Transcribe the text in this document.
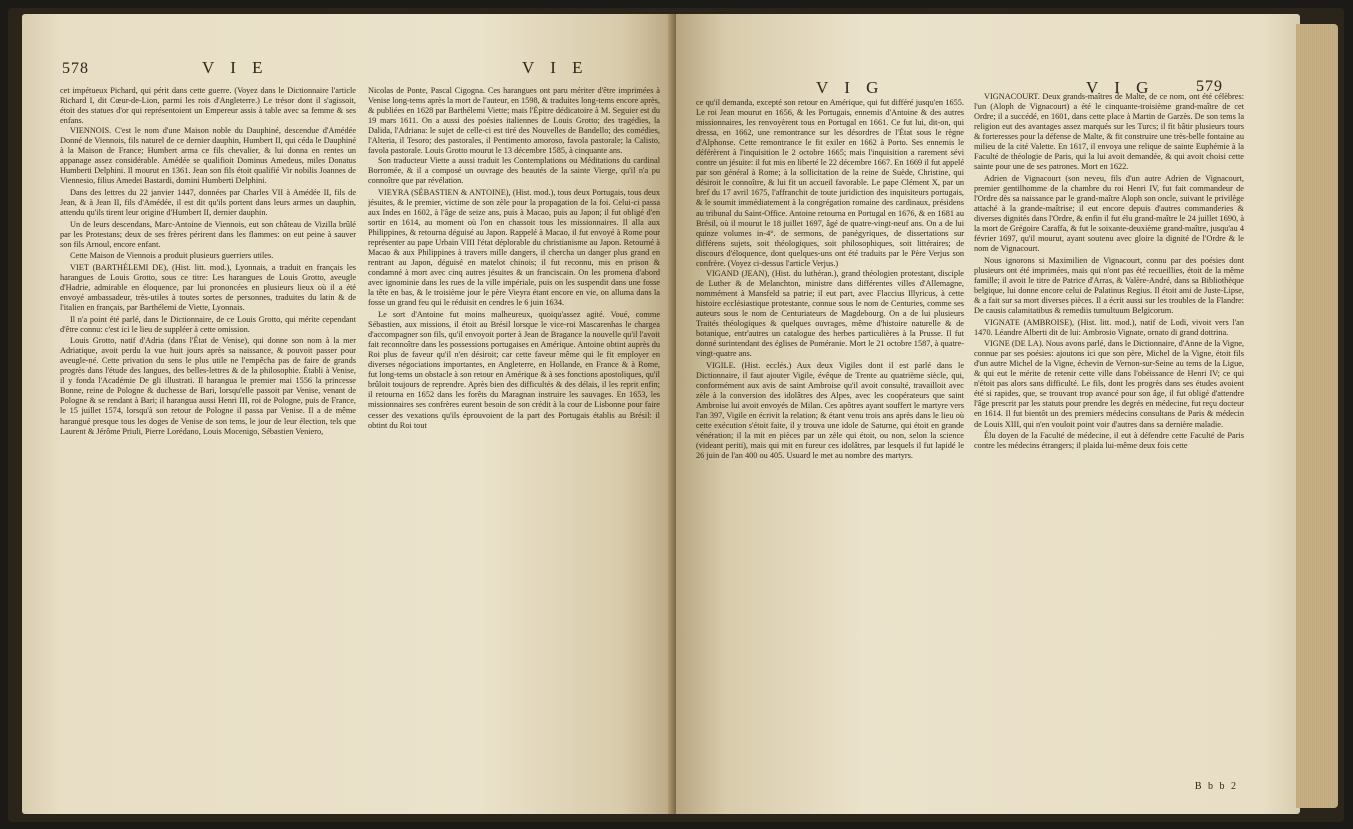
578	V I E	V I E

cet impétueux Pichard, qui périt dans cette guerre. (Voyez dans le Dictionnaire l'article Richard I, dit Cœur-de-Lion, parmi les rois d'Angleterre.) Le trésor dont il s'agissoit, étoit des statues d'or qui représentoient un Empereur assis à table avec sa femme & ses enfans.

VIENNOIS. C'est le nom d'une Maison noble du Dauphiné, descendue d'Amédée Donné de Viennois, fils naturel de ce dernier dauphin, Humbert II, qui céda le Dauphiné à la Maison de France; Humbert arma ce fils chevalier, & lui donna en rentes un appanage assez considérable. Amédée se qualifioit Dominus Amedeus, miles Donatus Humberti Delphini. Il mourut en 1361. Jean son fils étoit qualifié Vir nobilis Joannes de Viennesio, filius Amedei Bastardi, domini Humberti Delphini.

Dans des lettres du 22 janvier 1447, données par Charles VII à Amédée II, fils de Jean, & à Jean II, fils d'Amédée, il est dit qu'ils portent dans leurs armes un dauphin, attendu qu'ils tirent leur origine d'Humbert II, dernier dauphin.

Un de leurs descendans, Marc-Antoine de Viennois, eut son château de Vizilla brûlé par les Protestans; deux de ses frères périrent dans les flammes: on eut peine à sauver son fils Arnoul, encore enfant.

Cette Maison de Viennois a produit plusieurs guerriers utiles.

VIET (BARTHÉLEMI DE), (Hist. litt. mod.), Lyonnais, a traduit en français les harangues de Louis Grotto, sous ce titre: Les harangues de Louis Grotto, aveugle d'Hadrie, admirable en éloquence, par lui prononcées en plusieurs lieux où il a été envoyé ambassadeur, très-utiles à toutes sortes de personnes, traduites du latin & de l'italien en français, par Barthélemi de Viette, Lyonnais.

Il n'a point été parlé, dans le Dictionnaire, de ce Louis Grotto, qui mérite cependant d'être connu: c'est ici le lieu de suppléer à cette omission.

Louis Grotto, natif d'Adria (dans l'État de Venise), qui donne son nom à la mer Adriatique, avoit perdu la vue huit jours après sa naissance, & pouvoit passer pour aveugle-né. Cette privation du sens le plus utile ne l'empêcha pas de faire de grands progrès dans l'étude des langues, des belles-lettres & de la philosophie. Établi à Venise, il y fonda l'Académie De gli illustrati. Il harangua le premier mai 1556 la princesse Bonne, reine de Pologne & duchesse de Bari, lorsqu'elle passoit par Venise, venant de Pologne & se rendant à Bari; il harangua aussi Henri III, roi de Pologne, puis de France, le 15 juillet 1574, lorsqu'à son retour de Pologne il passa par Venise. Il a de même harangué presque tous les doges de Venise de son tems, le jour de leur élection, tels que Laurent & Jérôme Priuli, Pierre Lorédano, Louis Mocenigo, Sébastien Veniero,

Nicolas de Ponte, Pascal Cigogna. Ces harangues ont paru mériter d'être imprimées à Venise long-tems après la mort de l'auteur, en 1598, & traduites long-tems encore après, & publiées en 1628 par Barthélemi Viette; mais l'Épitre dédicatoire à M. Seguier est du 19 mars 1611. On a aussi des poésies italiennes de Louis Grotto; des tragédies, la Dalida, l'Adriana: le sujet de celle-ci est tiré des Nouvelles de Bandello; des comédies, l'Alteria, il Tesoro; des pastorales, il Pentimento amoroso, favola pastorale; la Calisto, favola pastorale. Louis Grotto mourut le 13 décembre 1585, à cinquante ans.

Son traducteur Viette a aussi traduit les Contemplations ou Méditations du cardinal Borromée, & il a composé un ouvrage des beautés de la sainte Vierge, qu'il n'a pu connoître que par révélation.

VIEYRA (SÉBASTIEN & ANTOINE), (Hist. mod.), tous deux Portugais, tous deux jésuites, & le premier, victime de son zèle pour la propagation de la foi. Celui-ci passa aux Indes en 1602, à l'âge de seize ans, puis à Macao, puis au Japon; il fut obligé d'en sortir en 1614, au moment où l'on en chassoit tous les missionnaires. Il alla aux Philippines, & retourna déguisé au Japon. Rappelé à Macao, il fut envoyé à Rome pour représenter au pape Urbain VIII l'état déplorable du christianisme au Japon. Retourné à Macao & aux Philippines à travers mille dangers, il chercha un danger plus grand en rentrant au Japon, déguisé en matelot chinois; il fut reconnu, mis en prison & condamné à mort avec cinq autres jésuites & un franciscain. On les promena d'abord avec ignominie dans les rues de la ville impériale, puis on les suspendit dans une fosse la tête en bas, & le troisième jour le père Vieyra étant encore en vie, on alluma dans la fosse un grand feu qui le réduisit en cendres le 6 juin 1634.

Le sort d'Antoine fut moins malheureux, quoiqu'assez agité. Voué, comme Sébastien, aux missions, il étoit au Brésil lorsque le vice-roi Mascarenhas le chargea d'accompagner son fils, qu'il envoyoit porter à Jean de Bragance la nouvelle qu'il l'avoit fait reconnoître dans les possessions portugaises en Amérique. Antoine obtint auprès du Roi plus de faveur qu'il n'en désiroit; car cette faveur même qui le fit employer en diverses négociations importantes, en Angleterre, en Hollande, en France & à Rome, fut long-tems un obstacle à son retour en Amérique & à ses fonctions apostoliques, qu'il brûloit toujours de reprendre. Après bien des difficultés & des délais, il les reprit enfin; il retourna en 1652 dans les forêts du Maragnan instruire les sauvages. En 1653, les missionnaires ses confrères eurent besoin de son crédit à la cour de Lisbonne pour faire cesser des vexations qu'ils éprouvoient de la part des Portugais établis au Brésil: il obtint du Roi tout

V I G	V I G	579

ce qu'il demanda, excepté son retour en Amérique, qui fut différé jusqu'en 1655. Le roi Jean mourut en 1656, & les Portugais, ennemis d'Antoine & des autres missionnaires, les renvoyèrent tous en Portugal en 1661. Ce fut lui, dit-on, qui dressa, en 1662, une remontrance sur les désordres de l'État sous le règne d'Alphonse. Cette remontrance le fit exiler en 1662 à Porto. Ses ennemis le déférèrent à l'inquisition le 2 octobre 1665; mais l'inquisition a rarement sévi contre un jésuite: il fut mis en liberté le 22 décembre 1667. En 1669 il fut appelé par son général à Rome; à la sollicitation de la reine de Suède, Christine, qui désiroit le connoître, & lui fit un accueil favorable. Le pape Clément X, par un bref du 17 avril 1675, l'affranchit de toute juridiction des inquisiteurs portugais, & le soumit immédiatement à la congrégation romaine des cardinaux, présidens au tribunal du Saint-Office. Antoine retourna en Portugal en 1676, & en 1681 au Brésil, où il mourut le 18 juillet 1697, âgé de quatre-vingt-neuf ans. On a de lui quinze volumes in-4°. de sermons, de panégyriques, de dissertations sur différens sujets, soit théologiques, soit philosophiques, soit littéraires; de discours d'éloquence, dont quelques-uns ont été traduits par le Père Verjus son confrère. (Voyez ci-dessus l'article Verjus.)

VIGAND (JEAN), (Hist. du luthéran.), grand théologien protestant, disciple de Luther & de Melanchton, ministre dans différentes villes d'Allemagne, nommément à Mansfeld sa patrie; il eut part, avec Flaccius Illyricus, à cette histoire ecclésiastique protestante, connue sous le nom de Centuries, comme ses auteurs sous le nom de Centuriateurs de Magdebourg. On a de lui plusieurs Traités théologiques & quelques ouvrages, même d'histoire naturelle & de botanique, entr'autres un catalogue des herbes particulières à la Prusse. Il fut donné surintendant des églises de Poméranie. Mort le 21 octobre 1587, à quatre-vingt-quatre ans.

VIGILE. (Hist. ecclés.) Aux deux Vigiles dont il est parlé dans le Dictionnaire, il faut ajouter Vigile, évêque de Trente au quatrième siècle, qui, conformément aux avis de saint Ambroise qu'il avoit consulté, travailloit avec zèle à la conversion des idolâtres des Alpes, avec les coopérateurs que saint Ambroise lui avoit envoyés de Milan. Ces apôtres ayant souffert le martyre vers l'an 397, Vigile en écrivit la relation; & étant venu trois ans après dans le lieu où cette exécution s'étoit faite, il y trouva une idole de Saturne, qui étoit en grande vénération; il la mit en pièces par un zèle qui étoit, ou non, selon la science (videant periti), mais qui mit en fureur ces idolâtres, par lesquels il fut lapidé le 26 juin de l'an 400 ou 405. Usuard le met au nombre des martyrs.

VIGNACOURT. Deux grands-maîtres de Malte, de ce nom, ont été célèbres: l'un (Aloph de Vignacourt) a été le cinquante-troisième grand-maître de cet Ordre; il a succédé, en 1601, dans cette place à Martin de Garzès. De son tems la religion eut des avantages assez marqués sur les Turcs; il fit bâtir plusieurs tours & forteresses pour la défense de Malte, & fit construire une très-belle fontaine au milieu de la cité Valette. En 1617, il envoya une relique de sainte Euphémie à la Faculté de théologie de Paris, qui la lui avoit demandée, & qui avoit choisi cette sainte pour une de ses patrones. Mort en 1622.

Adrien de Vignacourt (son neveu, fils d'un autre Adrien de Vignacourt, premier gentilhomme de la chambre du roi Henri IV, fut fait commandeur de l'Ordre dès sa naissance par le grand-maître Aloph son oncle, suivant le privilège attaché à la grande-maîtrise; il eut encore depuis d'autres commanderies & diverses dignités dans l'Ordre, & enfin il fut élu grand-maître le 24 juillet 1690, à la mort de Grégoire Caraffa, & fut le soixante-deuxième grand-maître, jusqu'au 4 février 1697, qu'il mourut, ayant soutenu avec gloire la dignité de l'Ordre & le nom de Vignacourt.

Nous ignorons si Maximilien de Vignacourt, connu par des poésies dont plusieurs ont été imprimées, mais qui n'ont pas été recueillies, étoit de la même famille; il avoit le titre de Patrice d'Arras, & Valère-André, dans sa Bibliothèque belgique, lui donne encore celui de Palatinus Regius. Il étoit ami de Juste-Lipse, & a fait sur sa mort diverses pièces. Il a écrit aussi sur les troubles de la Flandre: De causis calamitatibus & remediis tumultuum Belgicorum.

VIGNATE (AMBROISE), (Hist. litt. mod.), natif de Lodi, vivoit vers l'an 1470. Léandre Alberti dit de lui: Ambrosio Vignate, ornato di grand dottrina.

VIGNE (DE LA). Nous avons parlé, dans le Dictionnaire, d'Anne de la Vigne, connue par ses poésies: ajoutons ici que son père, Michel de la Vigne, étoit fils d'un autre Michel de la Vigne, échevin de Vernon-sur-Seine au tems de la Ligue, & qui eut le mérite de retenir cette ville dans l'obéissance de Henri IV; ce qui n'étoit pas alors sans difficulté. Le fils, dont les progrès dans ses études avoient été si rapides, que, se trouvant trop avancé pour son âge, il fut obligé d'attendre l'âge prescrit par les statuts pour prendre les degrés en médecine, fut reçu docteur en 1614. Il fut bientôt un des premiers médecins consultans de Paris & médecin de Louis XIII, qui n'en vouloit point voir d'autres dans sa dernière maladie.

Élu doyen de la Faculté de médecine, il eut à défendre cette Faculté de Paris contre les médecins étrangers; il plaida lui-même deux fois cette

B b b 2
